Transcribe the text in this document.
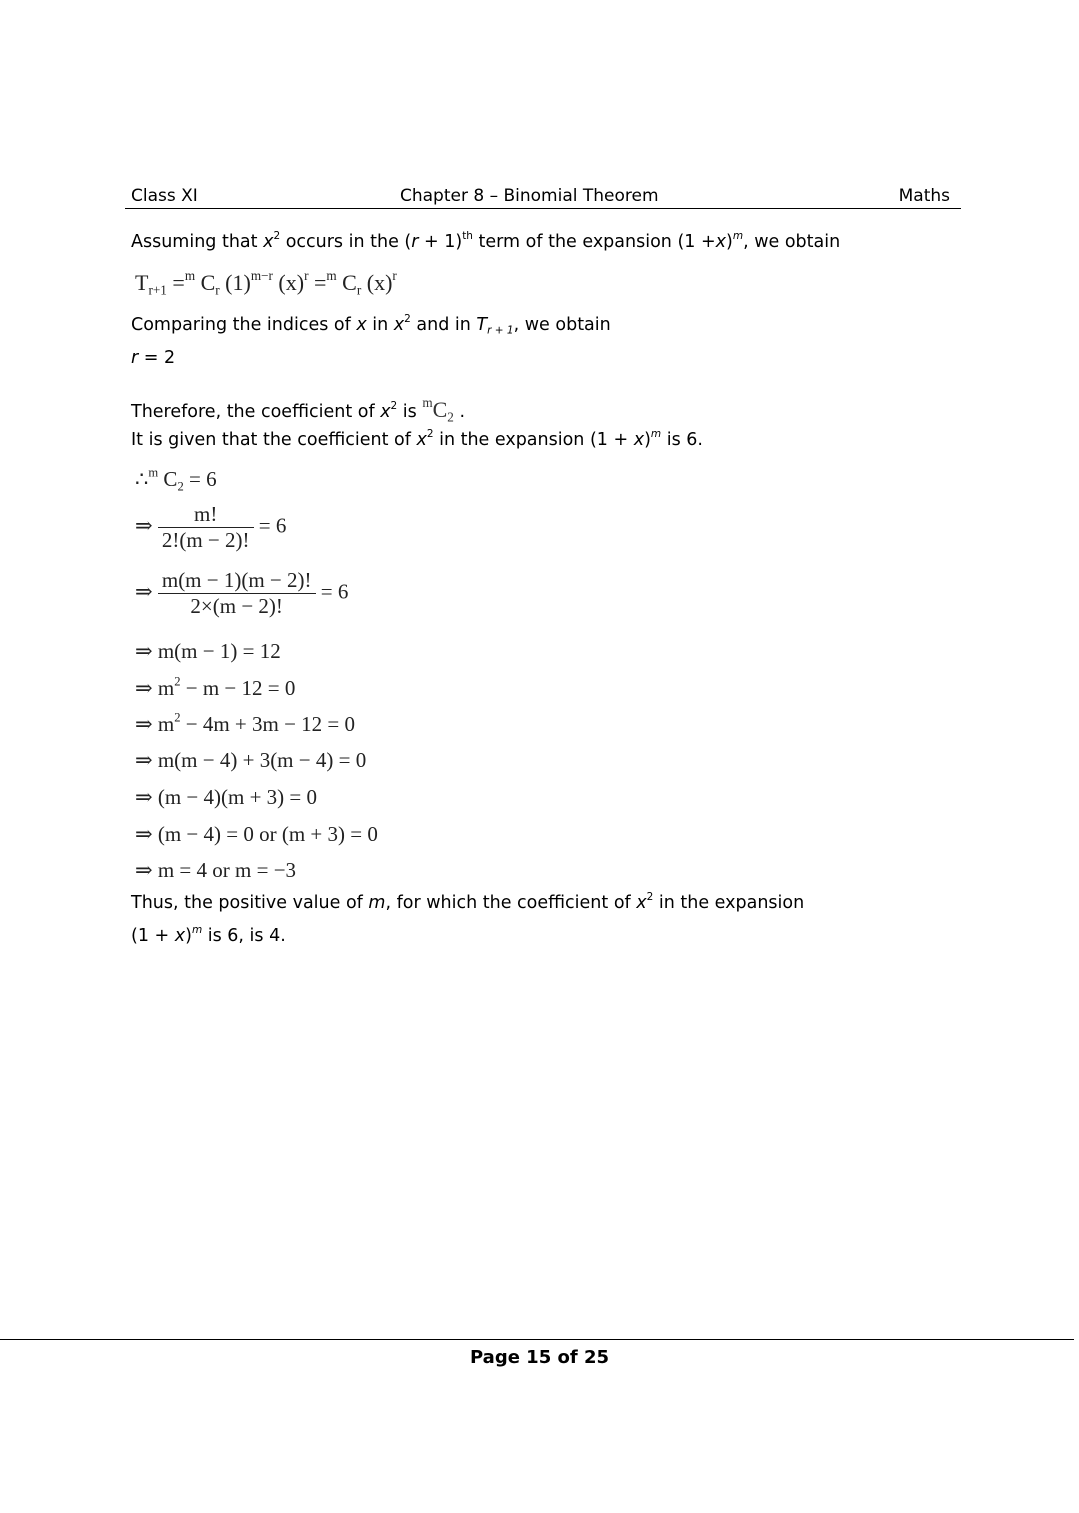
Class XI	Chapter 8 – Binomial Theorem	Maths
Assuming that $x^2$ occurs in the $(r + 1)^{th}$ term of the expansion $(1 +x)^m$, we obtain
$T_{r+1} =^m$ $C_r$ $(1)^{m-r}$ $(x)^r =^m$ $C_r$ $(x)^r$
Comparing the indices of x in $x^2$ and in $T_{r + 1}$, we obtain
r = 2
Therefore, the coefficient of $x^2$ is $^mC_2$ .
It is given that the coefficient of $x^2$ in the expansion $(1 + x)^m$ is 6.
∴$^m$ $C_2 = 6$
⇒ $\frac{m!}{2!(m - 2)!} = 6$
⇒ $\frac{m(m - 1)(m - 2)!}{2\times(m - 2)!} = 6$
⇒ m(m − 1) = 12
⇒ $m^2 - m - 12 = 0$
⇒ $m^2 - 4m + 3m - 12 = 0$
⇒ m(m − 4) + 3(m − 4) = 0
⇒ (m − 4)(m + 3) = 0
⇒ (m − 4) = 0 or (m + 3) = 0
⇒ m = 4 or m = −3
Thus, the positive value of m, for which the coefficient of $x^2$ in the expansion
$(1 + x)^m$ is 6, is 4.
Page 15 of 25
